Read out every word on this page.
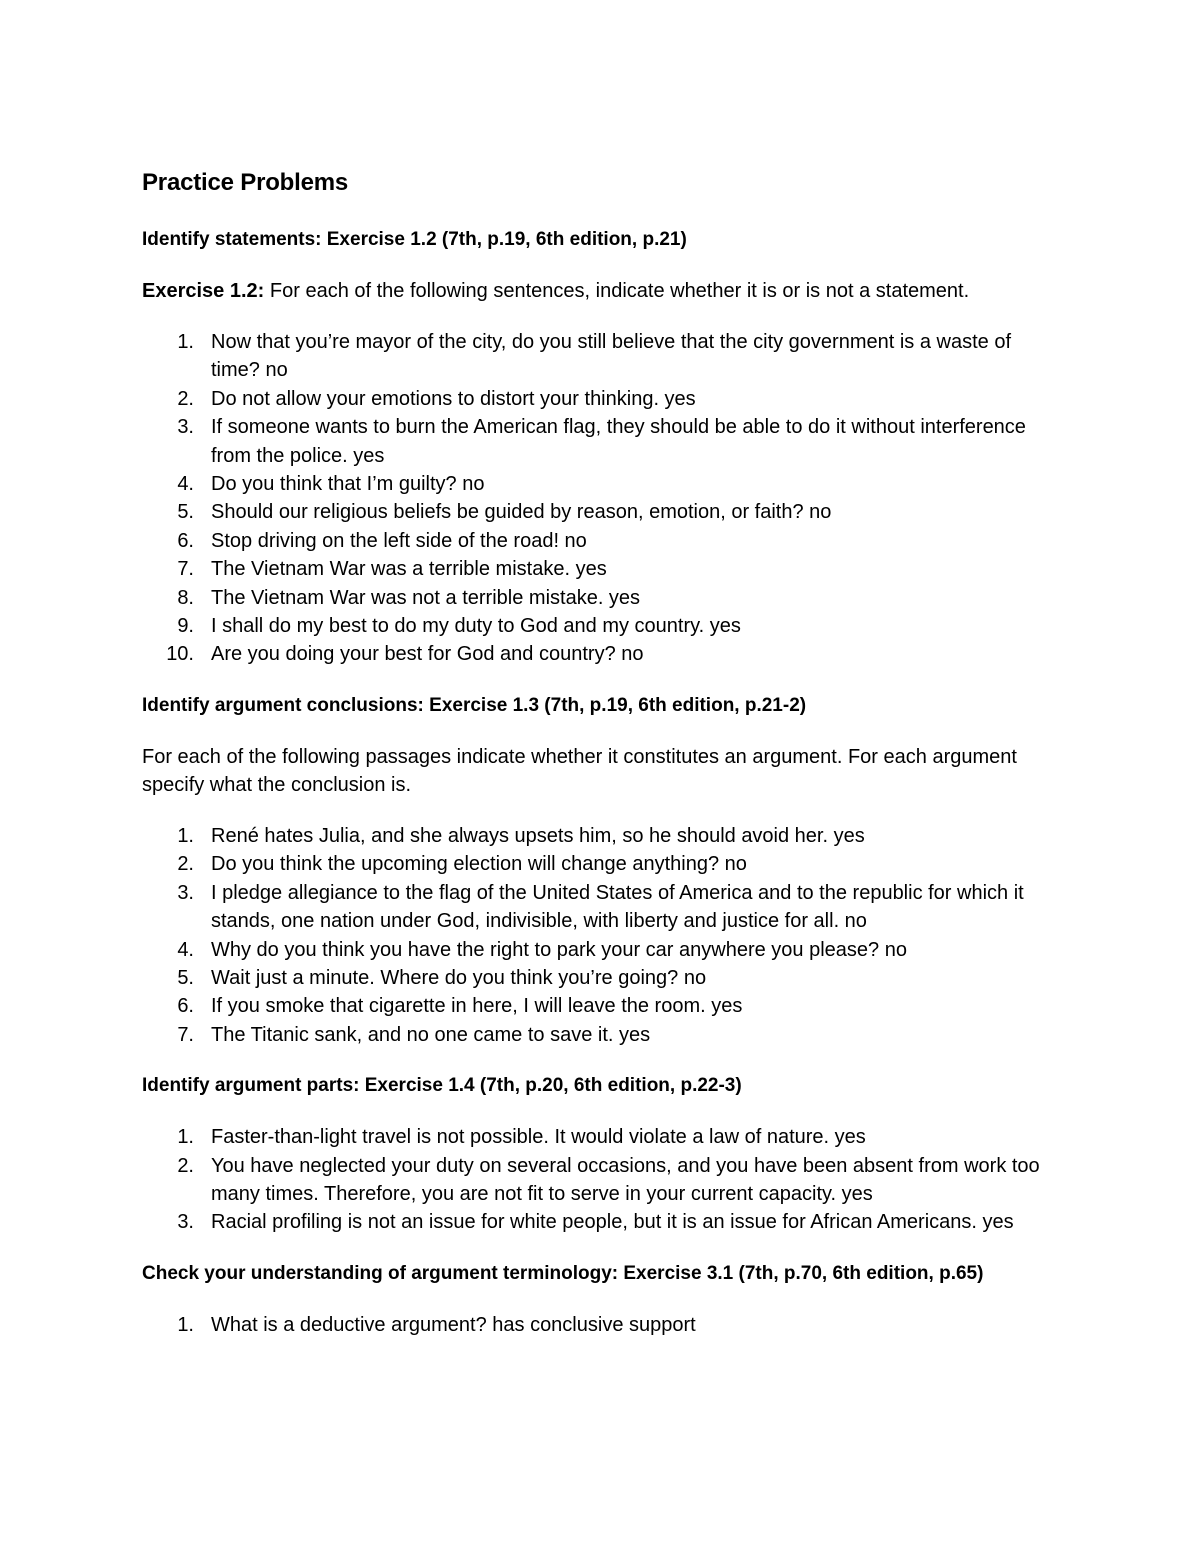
Practice Problems
Identify statements: Exercise 1.2 (7th, p.19, 6th edition, p.21)
Exercise 1.2: For each of the following sentences, indicate whether it is or is not a statement.
1. Now that you’re mayor of the city, do you still believe that the city government is a waste of time? no
2. Do not allow your emotions to distort your thinking. yes
3. If someone wants to burn the American flag, they should be able to do it without interference from the police. yes
4. Do you think that I’m guilty? no
5. Should our religious beliefs be guided by reason, emotion, or faith? no
6. Stop driving on the left side of the road! no
7. The Vietnam War was a terrible mistake. yes
8. The Vietnam War was not a terrible mistake. yes
9. I shall do my best to do my duty to God and my country. yes
10. Are you doing your best for God and country? no
Identify argument conclusions: Exercise 1.3 (7th, p.19, 6th edition, p.21-2)
For each of the following passages indicate whether it constitutes an argument. For each argument specify what the conclusion is.
1. René hates Julia, and she always upsets him, so he should avoid her. yes
2. Do you think the upcoming election will change anything? no
3. I pledge allegiance to the flag of the United States of America and to the republic for which it stands, one nation under God, indivisible, with liberty and justice for all. no
4. Why do you think you have the right to park your car anywhere you please? no
5. Wait just a minute. Where do you think you’re going? no
6. If you smoke that cigarette in here, I will leave the room. yes
7. The Titanic sank, and no one came to save it. yes
Identify argument parts: Exercise 1.4 (7th, p.20, 6th edition, p.22-3)
1. Faster-than-light travel is not possible. It would violate a law of nature. yes
2. You have neglected your duty on several occasions, and you have been absent from work too many times. Therefore, you are not fit to serve in your current capacity. yes
3. Racial profiling is not an issue for white people, but it is an issue for African Americans. yes
Check your understanding of argument terminology: Exercise 3.1 (7th, p.70, 6th edition, p.65)
1. What is a deductive argument? has conclusive support
